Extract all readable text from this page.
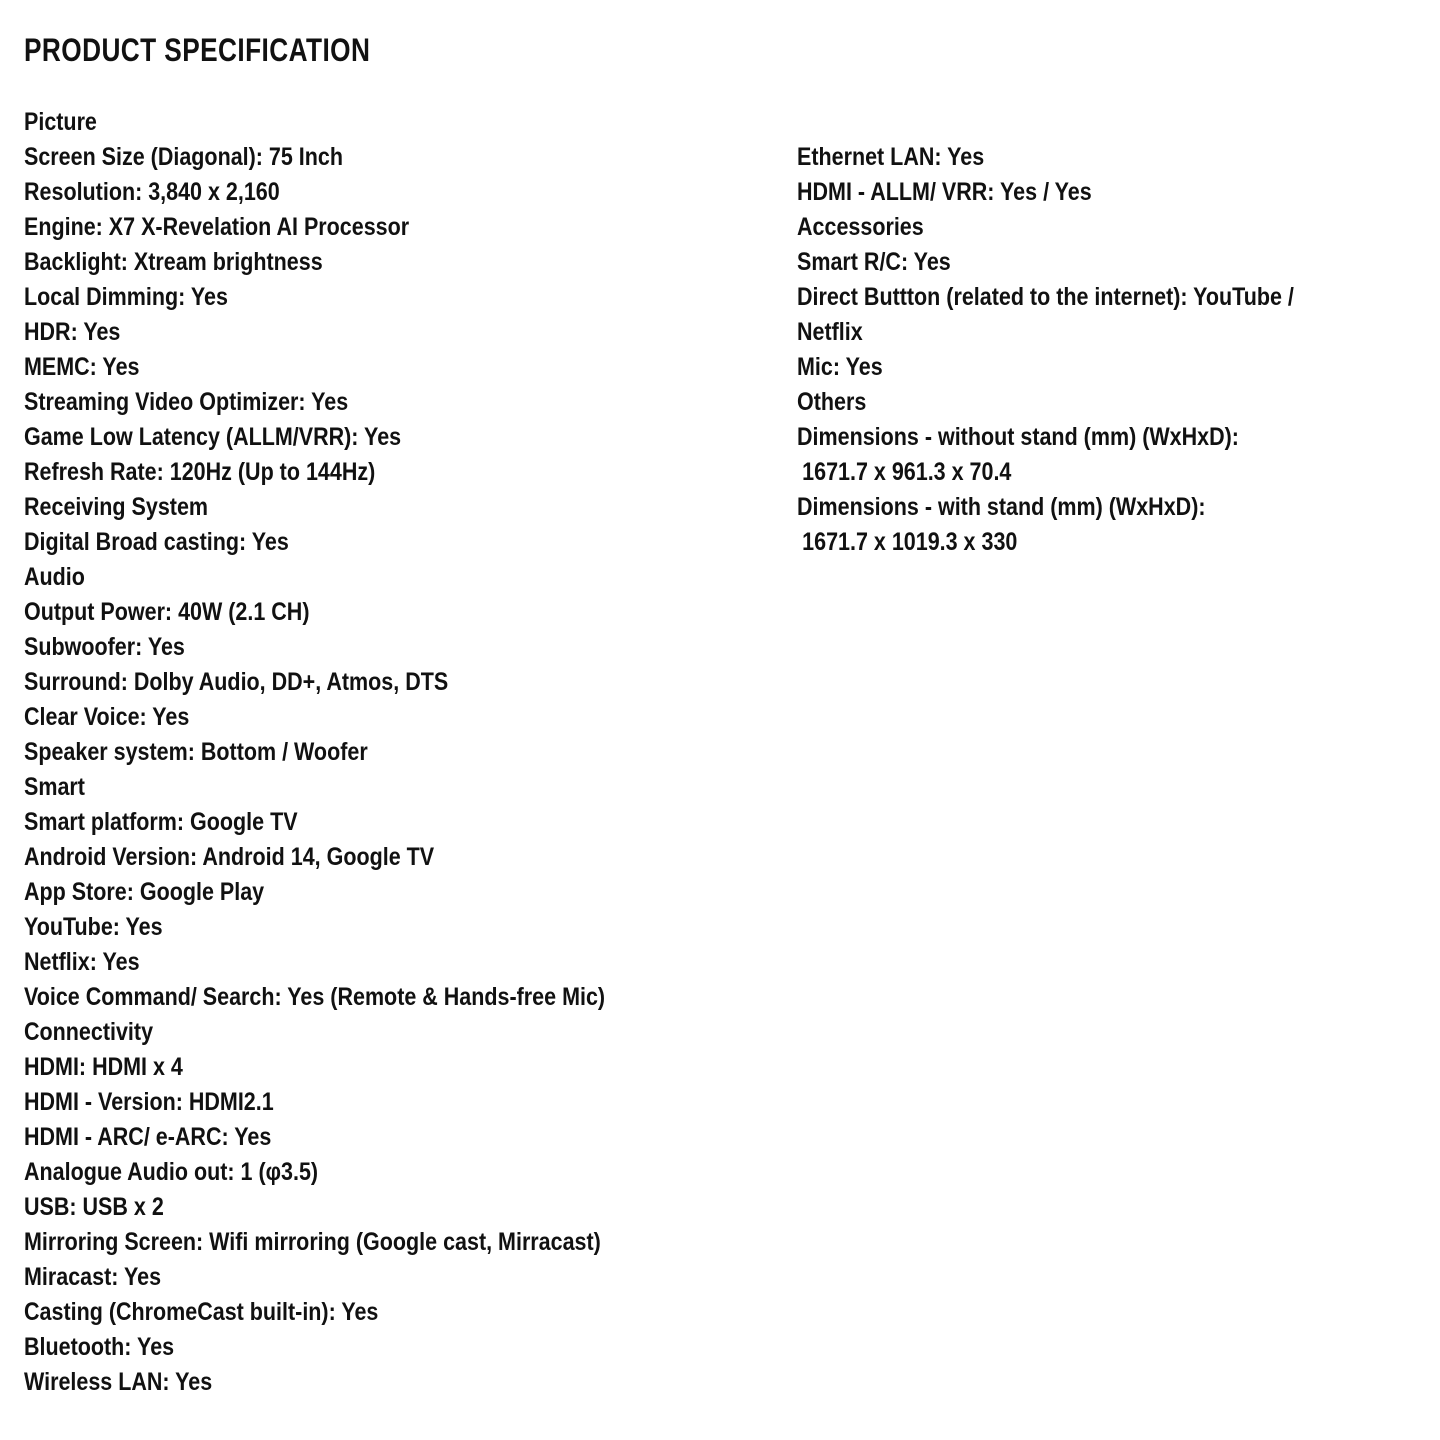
PRODUCT SPECIFICATION
Picture
Screen Size (Diagonal): 75 Inch
Resolution: 3,840 x 2,160
Engine: X7 X-Revelation AI Processor
Backlight: Xtream brightness
Local Dimming: Yes
HDR: Yes
MEMC: Yes
Streaming Video Optimizer: Yes
Game Low Latency (ALLM/VRR): Yes
Refresh Rate: 120Hz (Up to 144Hz)
Receiving System
Digital Broad casting: Yes
Audio
Output Power: 40W (2.1 CH)
Subwoofer: Yes
Surround: Dolby Audio, DD+, Atmos, DTS
Clear Voice: Yes
Speaker system: Bottom / Woofer
Smart
Smart platform: Google TV
Android Version: Android 14, Google TV
App Store: Google Play
YouTube: Yes
Netflix: Yes
Voice Command/ Search: Yes (Remote & Hands-free Mic)
Connectivity
HDMI: HDMI x 4
HDMI - Version: HDMI2.1
HDMI - ARC/ e-ARC: Yes
Analogue Audio out: 1 (φ3.5)
USB: USB x 2
Mirroring Screen: Wifi mirroring (Google cast, Mirracast)
Miracast: Yes
Casting (ChromeCast built-in): Yes
Bluetooth: Yes
Wireless LAN: Yes
Ethernet LAN: Yes
HDMI - ALLM/ VRR: Yes / Yes
Accessories
Smart R/C: Yes
Direct Buttton (related to the internet): YouTube /
Netflix
Mic: Yes
Others
Dimensions - without stand (mm) (WxHxD):
1671.7 x 961.3 x 70.4
Dimensions - with stand (mm) (WxHxD):
1671.7 x 1019.3 x 330
